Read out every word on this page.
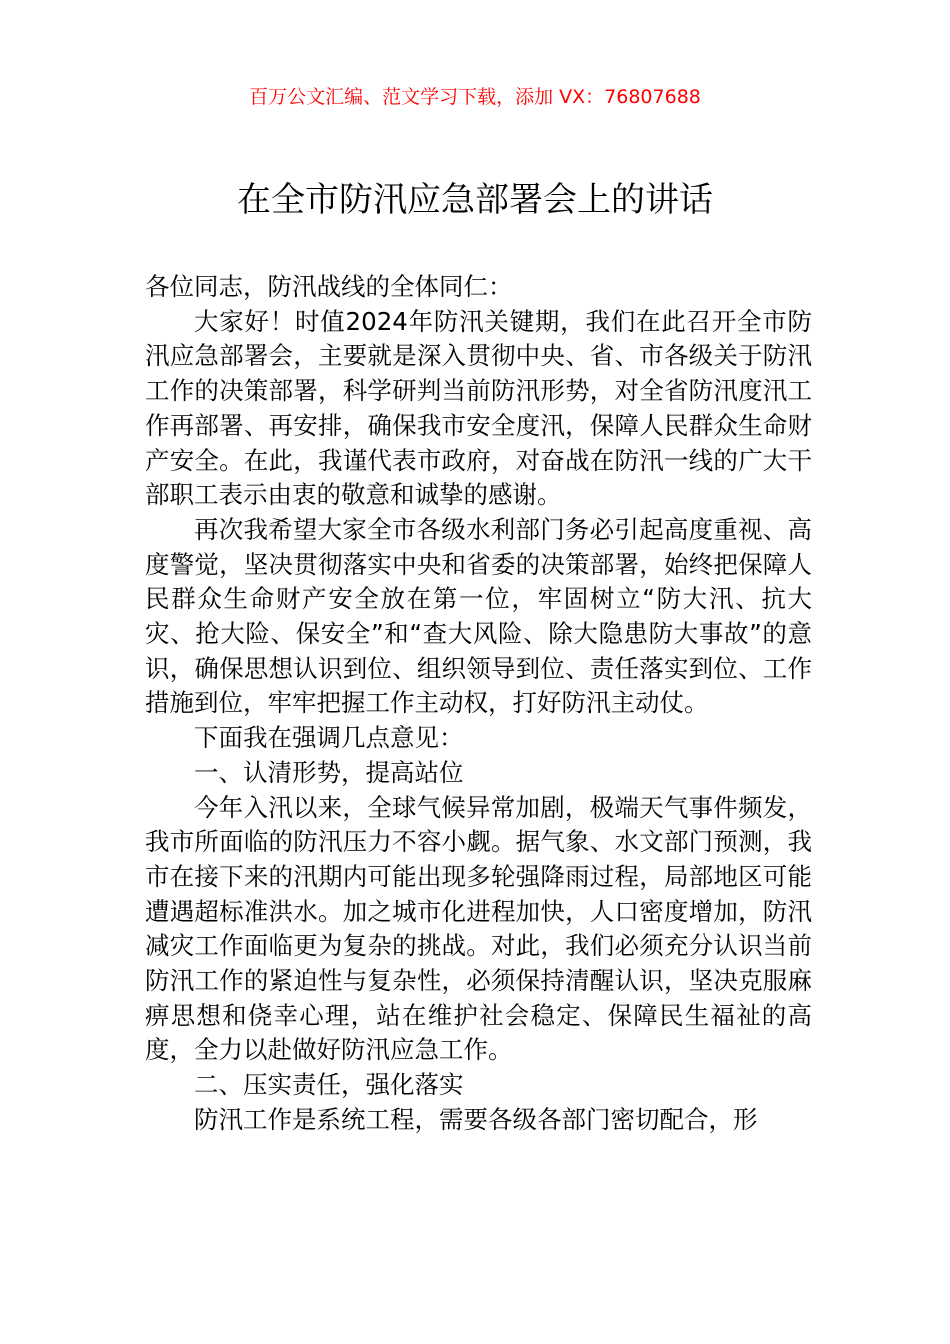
百万公文汇编、范文学习下载，添加 VX：76807688
在全市防汛应急部署会上的讲话

各位同志，防汛战线的全体同仁：

大家好！时值2024年防汛关键期，我们在此召开全市防汛应急部署会，主要就是深入贯彻中央、省、市各级关于防汛工作的决策部署，科学研判当前防汛形势，对全省防汛度汛工作再部署、再安排，确保我市安全度汛，保障人民群众生命财产安全。在此，我谨代表市政府，对奋战在防汛一线的广大干部职工表示由衷的敬意和诚挚的感谢。

再次我希望大家全市各级水利部门务必引起高度重视、高度警觉，坚决贯彻落实中央和省委的决策部署，始终把保障人民群众生命财产安全放在第一位，牢固树立“防大汛、抗大灾、抢大险、保安全”和“查大风险、除大隐患防大事故”的意识，确保思想认识到位、组织领导到位、责任落实到位、工作措施到位，牢牢把握工作主动权，打好防汛主动仗。

下面我在强调几点意见：

一、认清形势，提高站位

今年入汛以来，全球气候异常加剧，极端天气事件频发，我市所面临的防汛压力不容小觑。据气象、水文部门预测，我市在接下来的汛期内可能出现多轮强降雨过程，局部地区可能遭遇超标准洪水。加之城市化进程加快，人口密度增加，防汛减灾工作面临更为复杂的挑战。对此，我们必须充分认识当前防汛工作的紧迫性与复杂性，必须保持清醒认识，坚决克服麻痹思想和侥幸心理，站在维护社会稳定、保障民生福祉的高度，全力以赴做好防汛应急工作。

二、压实责任，强化落实

防汛工作是系统工程，需要各级各部门密切配合，形
